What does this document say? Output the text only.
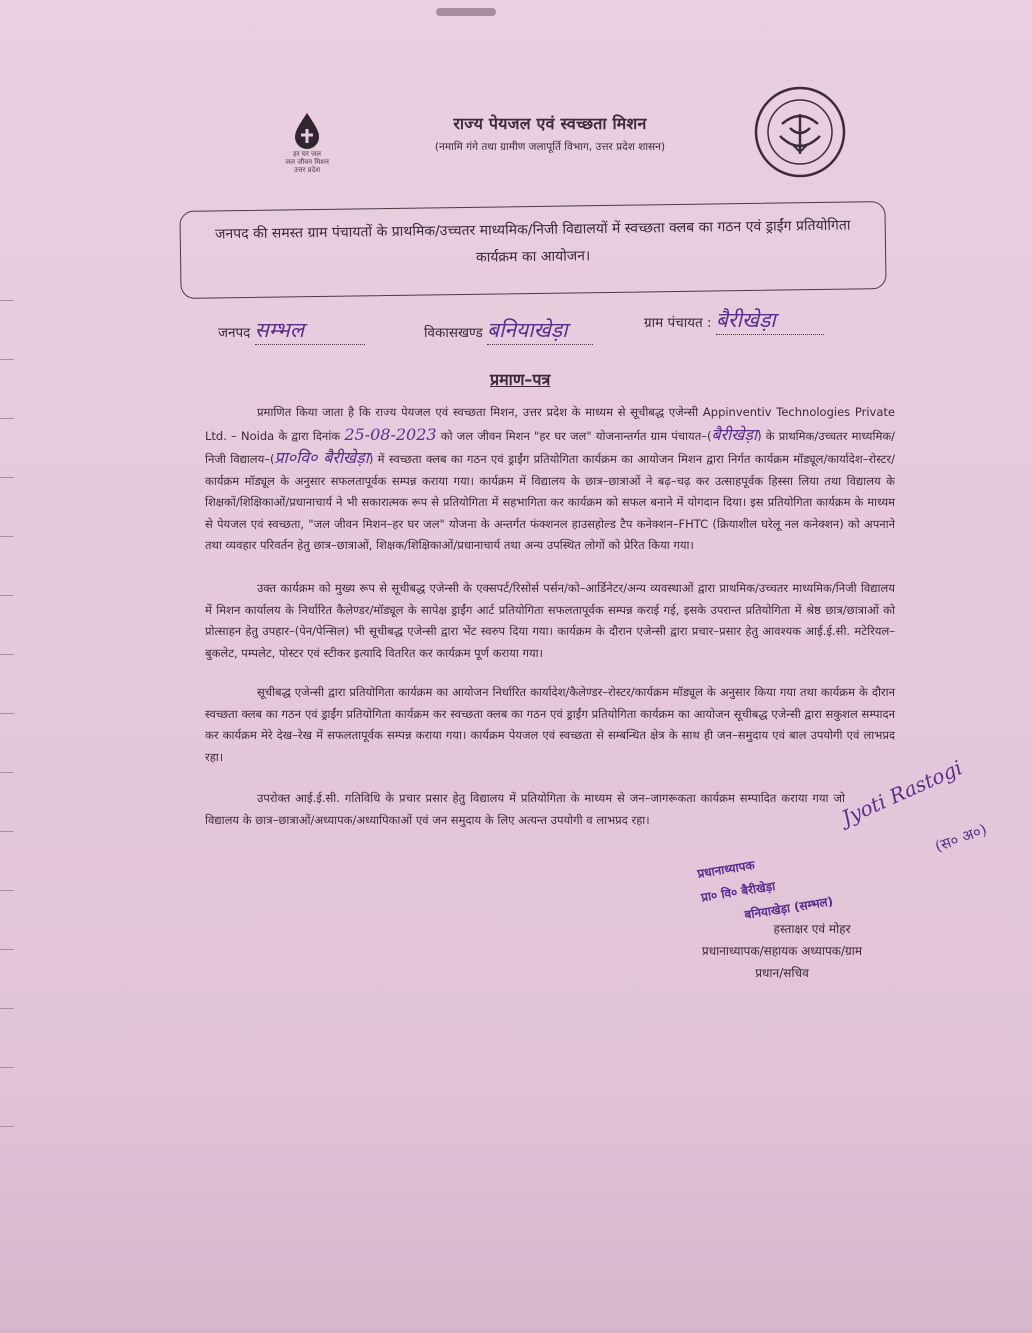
हर घर जल
जल जीवन मिशन
उत्तर प्रदेश
राज्य पेयजल एवं स्वच्छता मिशन
(नमामि गंगे तथा ग्रामीण जलापूर्ति विभाग, उत्तर प्रदेश शासन)
जनपद की समस्त ग्राम पंचायतों के प्राथमिक/उच्चतर माध्यमिक/निजी विद्यालयों में स्वच्छता क्लब का गठन एवं ड्राईंग प्रतियोगिता कार्यक्रम का आयोजन।
जनपद सम्भल	विकासखण्ड बनियाखेड़ा	ग्राम पंचायत : बैरीखेड़ा
प्रमाण–पत्र
प्रमाणित किया जाता है कि राज्य पेयजल एवं स्वच्छता मिशन, उत्तर प्रदेश के माध्यम से सूचीबद्ध एजेन्सी Appinventiv Technologies Private Ltd. – Noida के द्वारा दिनांक 25-08-2023 को जल जीवन मिशन "हर घर जल" योजनान्तर्गत ग्राम पंचायत–(बैरीखेड़ा) के प्राथमिक/उच्चतर माध्यमिक/निजी विद्यालय–(प्रा०वि० बैरीखेड़ा) में स्वच्छता क्लब का गठन एवं ड्राईंग प्रतियोगिता कार्यक्रम का आयोजन मिशन द्वारा निर्गत कार्यक्रम मॉड्यूल/कार्यादेश–रोस्टर/कार्यक्रम मॉड्यूल के अनुसार सफलतापूर्वक सम्पन्न कराया गया। कार्यक्रम में विद्यालय के छात्र–छात्राओं ने बढ़–चढ़ कर उत्साहपूर्वक हिस्सा लिया तथा विद्यालय के शिक्षकों/शिक्षिकाओं/प्रधानाचार्य ने भी सकारात्मक रूप से प्रतियोगिता में सहभागिता कर कार्यक्रम को सफल बनाने में योगदान दिया। इस प्रतियोगिता कार्यक्रम के माध्यम से पेयजल एवं स्वच्छता, "जल जीवन मिशन–हर घर जल" योजना के अन्तर्गत फंक्शनल हाउसहोल्ड टैप कनेक्शन–FHTC (क्रियाशील घरेलू नल कनेक्शन) को अपनाने तथा व्यवहार परिवर्तन हेतु छात्र–छात्राओं, शिक्षक/शिक्षिकाओं/प्रधानाचार्य तथा अन्य उपस्थित लोगों को प्रेरित किया गया।
उक्त कार्यक्रम को मुख्य रूप से सूचीबद्ध एजेन्सी के एक्सपर्ट/रिसोर्स पर्सन/को–आर्डिनेटर/अन्य व्यवस्थाओं द्वारा प्राथमिक/उच्चतर माध्यमिक/निजी विद्यालय में मिशन कार्यालय के निर्धारित कैलेण्डर/मॉड्यूल के सापेक्ष ड्राईंग आर्ट प्रतियोगिता सफलतापूर्वक सम्पन्न कराई गई, इसके उपरान्त प्रतियोगिता में श्रेष्ठ छात्र/छात्राओं को प्रोत्साहन हेतु उपहार–(पेन/पेन्सिल) भी सूचीबद्ध एजेन्सी द्वारा भेंट स्वरुप दिया गया। कार्यक्रम के दौरान एजेन्सी द्वारा प्रचार–प्रसार हेतु आवश्यक आई.ई.सी. मटेरियल–बुकलेट, पम्पलेट, पोस्टर एवं स्टीकर इत्यादि वितरित कर कार्यक्रम पूर्ण कराया गया।
सूचीबद्ध एजेन्सी द्वारा प्रतियोगिता कार्यक्रम का आयोजन निर्धारित कार्यादेश/कैलेण्डर–रोस्टर/कार्यक्रम मॉड्यूल के अनुसार किया गया तथा कार्यक्रम के दौरान स्वच्छता क्लब का गठन एवं ड्राईंग प्रतियोगिता कार्यक्रम कर स्वच्छता क्लब का गठन एवं ड्राईंग प्रतियोगिता कार्यक्रम का आयोजन सूचीबद्ध एजेन्सी द्वारा सकुशल सम्पादन कर कार्यक्रम मेरे देख–रेख में सफलतापूर्वक सम्पन्न कराया गया। कार्यक्रम पेयजल एवं स्वच्छता से सम्बन्धित क्षेत्र के साथ ही जन–समुदाय एवं बाल उपयोगी एवं लाभप्रद रहा।
उपरोक्त आई.ई.सी. गतिविधि के प्रचार प्रसार हेतु विद्यालय में प्रतियोगिता के माध्यम से जन–जागरूकता कार्यक्रम सम्पादित कराया गया जो विद्यालय के छात्र–छात्राओं/अध्यापक/अध्यापिकाओं एवं जन समुदाय के लिए अत्यन्त उपयोगी व लाभप्रद रहा।	Jyoti Rastogi
(स० अ०)
प्रधानाध्यापक
प्रा० वि० बैरीखेड़ा
बनियाखेड़ा (सम्भल)
हस्ताक्षर एवं मोहर
प्रधानाध्यापक/सहायक अध्यापक/ग्राम
प्रधान/सचिव
